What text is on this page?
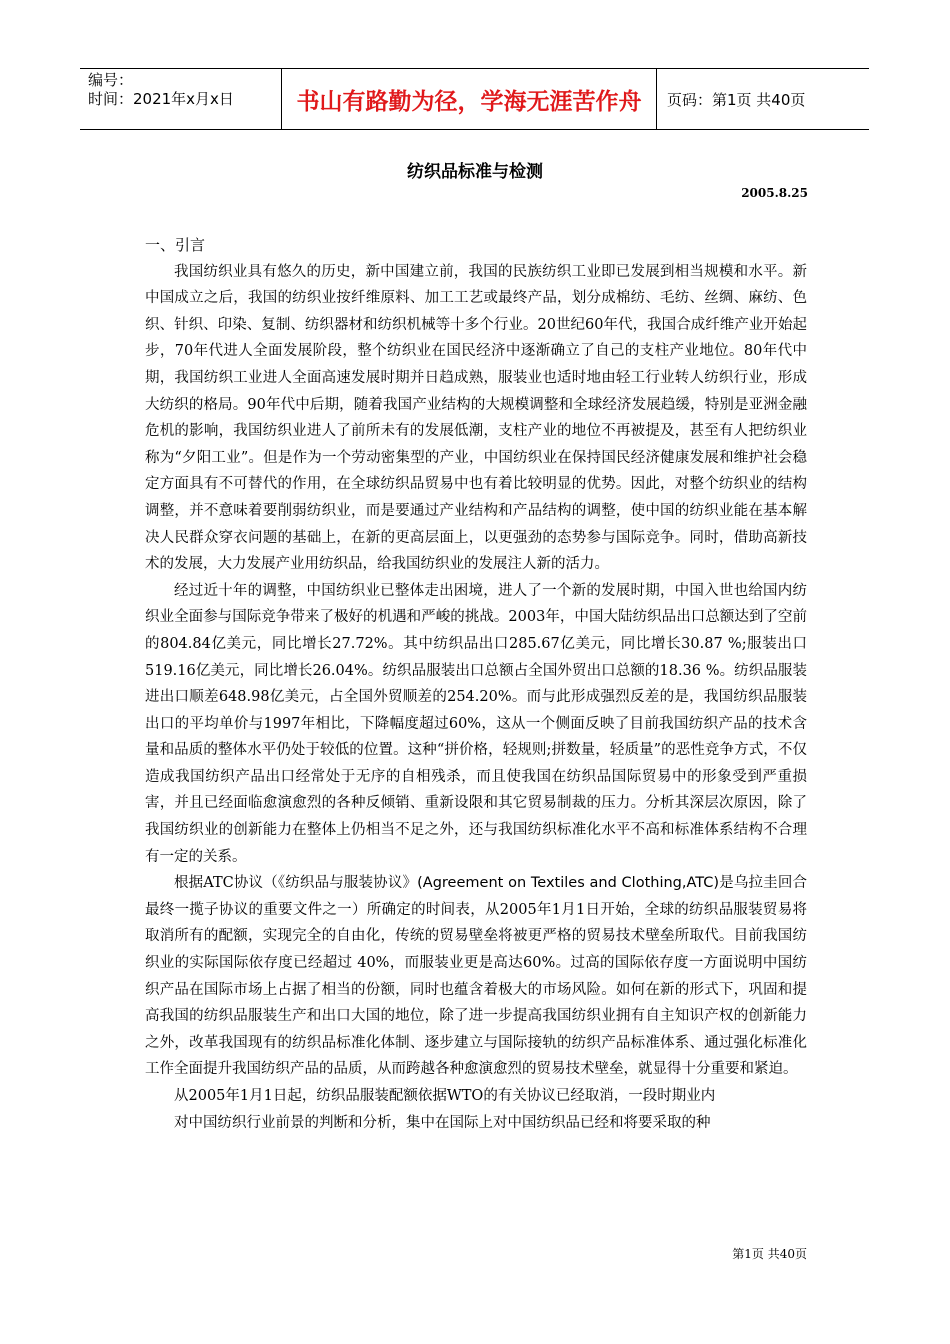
编号：
时间：2021年x月x日	书山有路勤为径，学海无涯苦作舟	页码：第1页 共40页
纺织品标准与检测
2005.8.25
一、引言

我国纺织业具有悠久的历史，新中国建立前，我国的民族纺织工业即已发展到相当规模和水平。新中国成立之后，我国的纺织业按纤维原料、加工工艺或最终产品，划分成棉纺、毛纺、丝绸、麻纺、色织、针织、印染、复制、纺织器材和纺织机械等十多个行业。20世纪60年代，我国合成纤维产业开始起步，70年代进人全面发展阶段，整个纺织业在国民经济中逐渐确立了自己的支柱产业地位。80年代中期，我国纺织工业进人全面高速发展时期并日趋成熟，服装业也适时地由轻工行业转人纺织行业，形成大纺织的格局。90年代中后期，随着我国产业结构的大规模调整和全球经济发展趋缓，特别是亚洲金融危机的影响，我国纺织业进人了前所未有的发展低潮，支柱产业的地位不再被提及，甚至有人把纺织业称为“夕阳工业”。但是作为一个劳动密集型的产业，中国纺织业在保持国民经济健康发展和维护社会稳定方面具有不可替代的作用，在全球纺织品贸易中也有着比较明显的优势。因此，对整个纺织业的结构调整，并不意味着要削弱纺织业，而是要通过产业结构和产品结构的调整，使中国的纺织业能在基本解决人民群众穿衣问题的基础上，在新的更高层面上，以更强劲的态势参与国际竞争。同时，借助高新技术的发展，大力发展产业用纺织品，给我国纺织业的发展注人新的活力。

经过近十年的调整，中国纺织业已整体走出困境，进人了一个新的发展时期，中国入世也给国内纺织业全面参与国际竞争带来了极好的机遇和严峻的挑战。2003年，中国大陆纺织品出口总额达到了空前的804.84亿美元，同比增长27.72%。其中纺织品出口285.67亿美元，同比增长30.87 %;服装出口519.16亿美元，同比增长26.04%。纺织品服装出口总额占全国外贸出口总额的18.36 %。纺织品服装进出口顺差648.98亿美元，占全国外贸顺差的254.20%。而与此形成强烈反差的是，我国纺织品服装出口的平均单价与1997年相比，下降幅度超过60%，这从一个侧面反映了目前我国纺织产品的技术含量和品质的整体水平仍处于较低的位置。这种“拼价格，轻规则;拼数量，轻质量”的恶性竞争方式，不仅造成我国纺织产品出口经常处于无序的自相残杀，而且使我国在纺织品国际贸易中的形象受到严重损害，并且已经面临愈演愈烈的各种反倾销、重新设限和其它贸易制裁的压力。分析其深层次原因，除了我国纺织业的创新能力在整体上仍相当不足之外，还与我国纺织标准化水平不高和标准体系结构不合理有一定的关系。

根据ATC协议（《纺织品与服装协议》(Agreement on Textiles and Clothing,ATC)是乌拉圭回合最终一揽子协议的重要文件之一）所确定的时间表，从2005年1月1日开始，全球的纺织品服装贸易将取消所有的配额，实现完全的自由化，传统的贸易壁垒将被更严格的贸易技术壁垒所取代。目前我国纺织业的实际国际依存度已经超过 40%，而服装业更是高达60%。过高的国际依存度一方面说明中国纺织产品在国际市场上占据了相当的份额，同时也蕴含着极大的市场风险。如何在新的形式下，巩固和提高我国的纺织品服装生产和出口大国的地位，除了进一步提高我国纺织业拥有自主知识产权的创新能力之外，改革我国现有的纺织品标准化体制、逐步建立与国际接轨的纺织产品标准体系、通过强化标准化工作全面提升我国纺织产品的品质，从而跨越各种愈演愈烈的贸易技术壁垒，就显得十分重要和紧迫。

从2005年1月1日起，纺织品服装配额依据WTO的有关协议已经取消，一段时期业内

对中国纺织行业前景的判断和分析，集中在国际上对中国纺织品已经和将要采取的种

第1页 共40页
